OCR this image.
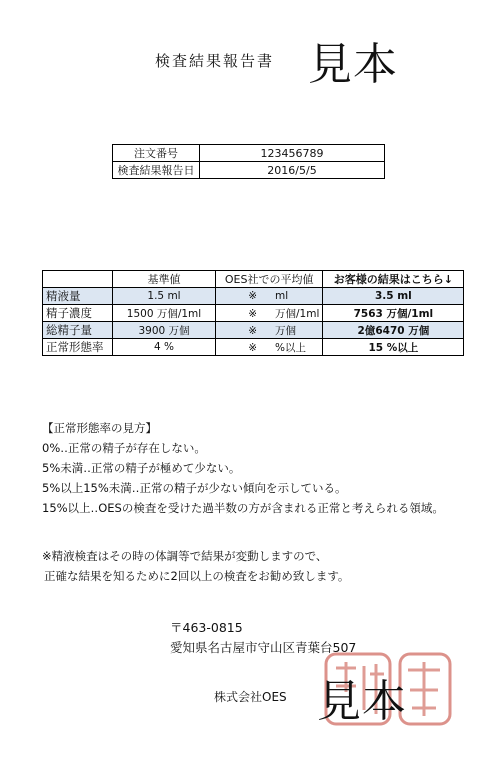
検査結果報告書 見本
注文番号	123456789
検査結果報告日	2016/5/5
	基準値	OES社での平均値	お客様の結果はこちら↓
精液量	1.5 ml	※ ml	3.5 ml
精子濃度	1500 万個/1ml	※ 万個/1ml	7563 万個/1ml
総精子量	3900 万個	※ 万個	2億6470 万個
正常形態率	4 %	※ %以上	15 %以上
【正常形態率の見方】
0%‥正常の精子が存在しない。
5%未満‥正常の精子が極めて少ない。
5%以上15%未満‥正常の精子が少ない傾向を示している。
15%以上‥OESの検査を受けた過半数の方が含まれる正常と考えられる領域。
※精液検査はその時の体調等で結果が変動しますので、
正確な結果を知るために2回以上の検査をお勧め致します。
〒463-0815
愛知県名古屋市守山区青葉台507
株式会社OES 見本
